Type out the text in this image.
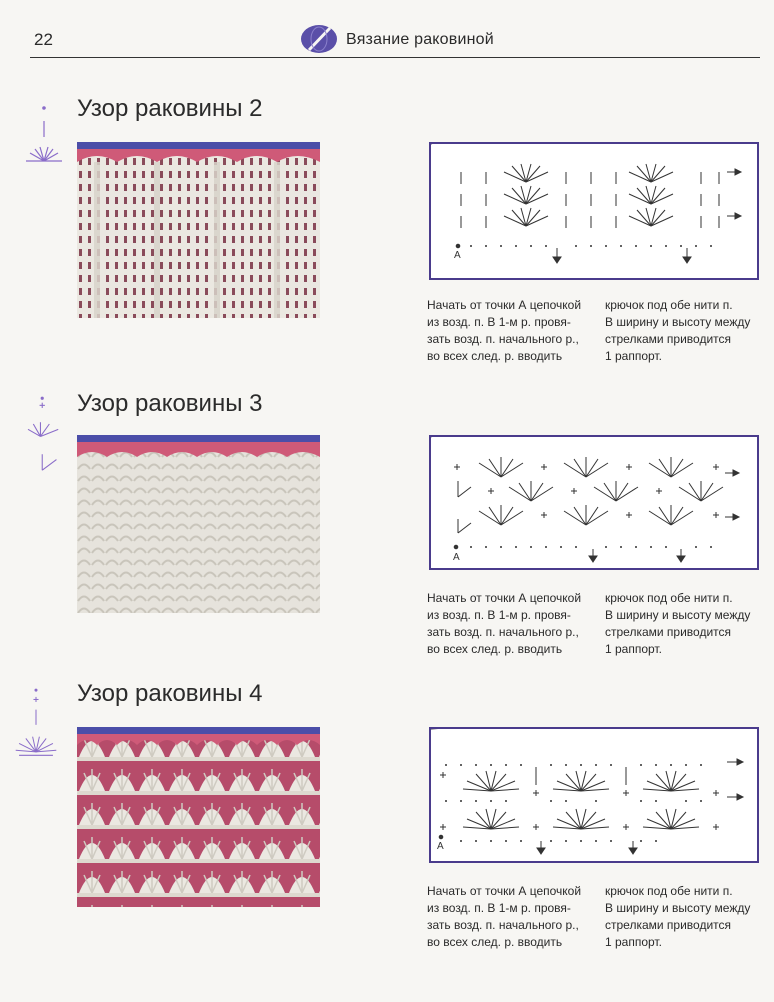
22	Вязание раковиной
Узор раковины 2
A
Начать от точки А цепочкой
из возд. п. В 1-м р. провя-
зать возд. п. начального р.,
во всех след. р. вводить
крючок под обе нити п.
В ширину и высоту между
стрелками приводится
1 раппорт.
Узор раковины 3
A
Начать от точки А цепочкой
из возд. п. В 1-м р. провя-
зать возд. п. начального р.,
во всех след. р. вводить
крючок под обе нити п.
В ширину и высоту между
стрелками приводится
1 раппорт.
Узор раковины 4
A
Начать от точки А цепочкой
из возд. п. В 1-м р. провя-
зать возд. п. начального р.,
во всех след. р. вводить
крючок под обе нити п.
В ширину и высоту между
стрелками приводится
1 раппорт.
